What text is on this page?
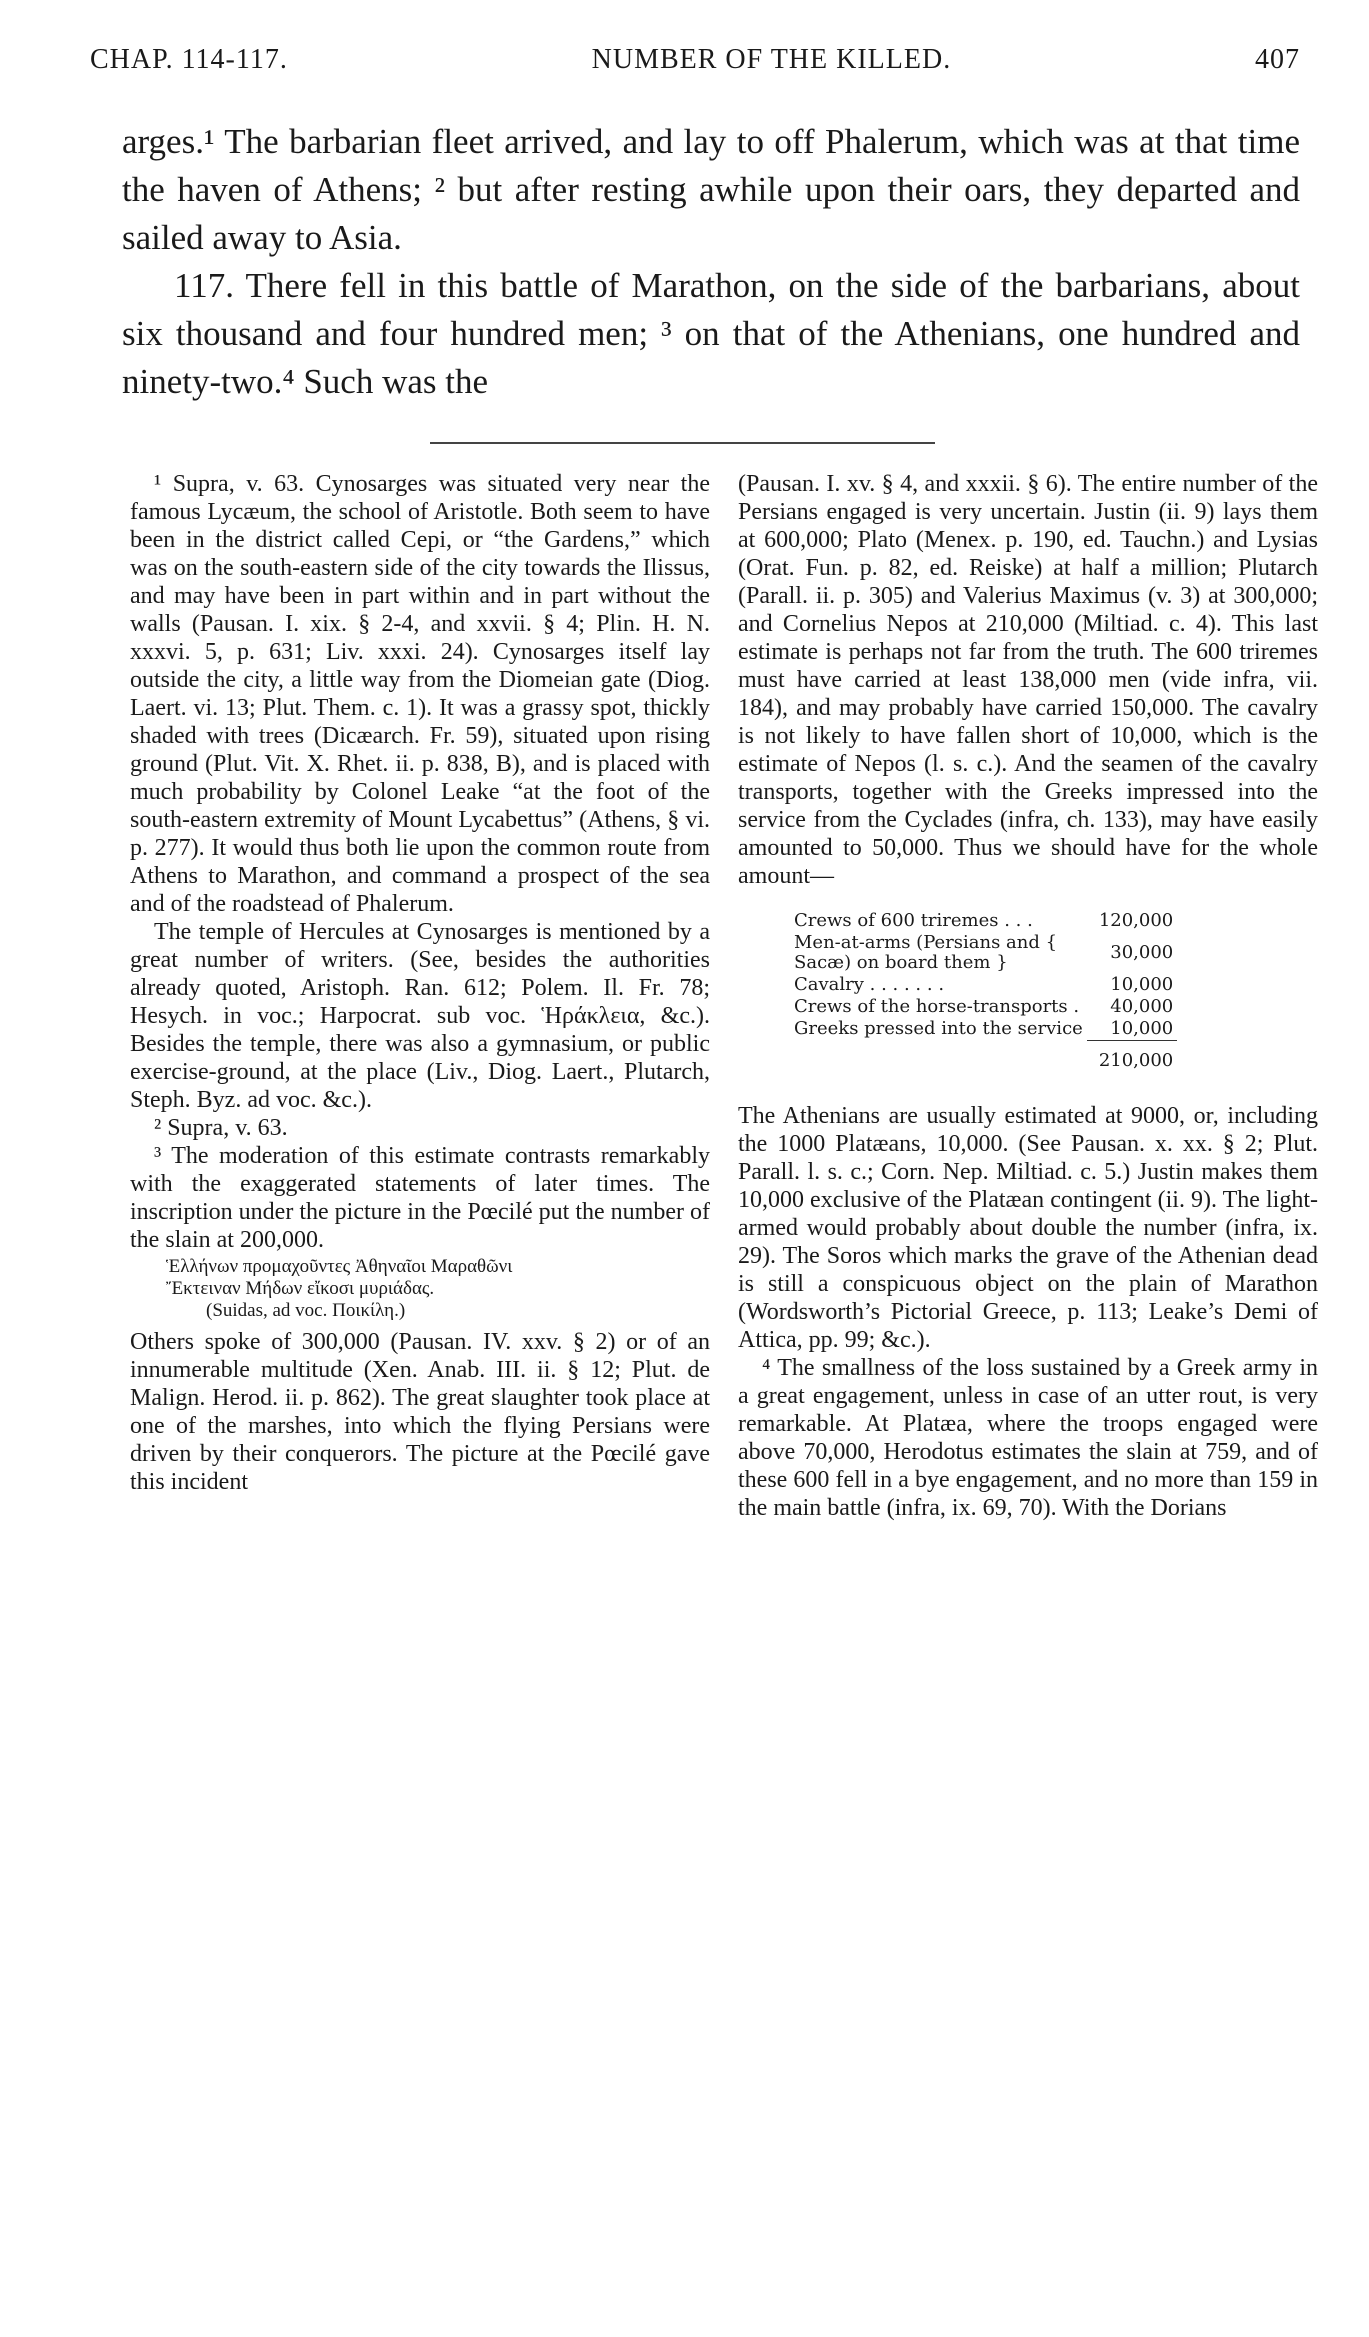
CHAP. 114-117.	NUMBER OF THE KILLED.	407

arges.¹ The barbarian fleet arrived, and lay to off Phalerum, which was at that time the haven of Athens; ² but after resting awhile upon their oars, they departed and sailed away to Asia.

117. There fell in this battle of Marathon, on the side of the barbarians, about six thousand and four hundred men; ³ on that of the Athenians, one hundred and ninety-two.⁴ Such was the

¹ Supra, v. 63. Cynosarges was situated very near the famous Lycæum, the school of Aristotle. Both seem to have been in the district called Cepi, or “the Gardens,” which was on the south-eastern side of the city towards the Ilissus, and may have been in part within and in part without the walls (Pausan. I. xix. § 2-4, and xxvii. § 4; Plin. H. N. xxxvi. 5, p. 631; Liv. xxxi. 24). Cynosarges itself lay outside the city, a little way from the Diomeian gate (Diog. Laert. vi. 13; Plut. Them. c. 1). It was a grassy spot, thickly shaded with trees (Dicæarch. Fr. 59), situated upon rising ground (Plut. Vit. X. Rhet. ii. p. 838, B), and is placed with much probability by Colonel Leake “at the foot of the south-eastern extremity of Mount Lycabettus” (Athens, § vi. p. 277). It would thus both lie upon the common route from Athens to Marathon, and command a prospect of the sea and of the roadstead of Phalerum.

The temple of Hercules at Cynosarges is mentioned by a great number of writers. (See, besides the authorities already quoted, Aristoph. Ran. 612; Polem. Il. Fr. 78; Hesych. in voc.; Harpocrat. sub voc. Ἡράκλεια, &c.). Besides the temple, there was also a gymnasium, or public exercise-ground, at the place (Liv., Diog. Laert., Plutarch, Steph. Byz. ad voc. &c.).

² Supra, v. 63.

³ The moderation of this estimate contrasts remarkably with the exaggerated statements of later times. The inscription under the picture in the Pœcilé put the number of the slain at 200,000.

Ἑλλήνων προμαχοῦντες Ἀθηναῖοι Μαραθῶνι
Ἔκτειναν Μήδων εἴκοσι μυριάδας.
(Suidas, ad voc. Ποικίλη.)

Others spoke of 300,000 (Pausan. IV. xxv. § 2) or of an innumerable multitude (Xen. Anab. III. ii. § 12; Plut. de Malign. Herod. ii. p. 862). The great slaughter took place at one of the marshes, into which the flying Persians were driven by their conquerors. The picture at the Pœcilé gave this incident

(Pausan. I. xv. § 4, and xxxii. § 6). The entire number of the Persians engaged is very uncertain. Justin (ii. 9) lays them at 600,000; Plato (Menex. p. 190, ed. Tauchn.) and Lysias (Orat. Fun. p. 82, ed. Reiske) at half a million; Plutarch (Parall. ii. p. 305) and Valerius Maximus (v. 3) at 300,000; and Cornelius Nepos at 210,000 (Miltiad. c. 4). This last estimate is perhaps not far from the truth. The 600 triremes must have carried at least 138,000 men (vide infra, vii. 184), and may probably have carried 150,000. The cavalry is not likely to have fallen short of 10,000, which is the estimate of Nepos (l. s. c.). And the seamen of the cavalry transports, together with the Greeks impressed into the service from the Cyclades (infra, ch. 133), may have easily amounted to 50,000. Thus we should have for the whole amount—

Crews of 600 triremes . . .	120,000
Men-at-arms (Persians and {
Sacæ) on board them }	30,000
Cavalry . . . . . . .	10,000
Crews of the horse-transports .	40,000
Greeks pressed into the service	10,000
	210,000

The Athenians are usually estimated at 9000, or, including the 1000 Platæans, 10,000. (See Pausan. x. xx. § 2; Plut. Parall. l. s. c.; Corn. Nep. Miltiad. c. 5.) Justin makes them 10,000 exclusive of the Platæan contingent (ii. 9). The light-armed would probably about double the number (infra, ix. 29). The Soros which marks the grave of the Athenian dead is still a conspicuous object on the plain of Marathon (Wordsworth’s Pictorial Greece, p. 113; Leake’s Demi of Attica, pp. 99; &c.).

⁴ The smallness of the loss sustained by a Greek army in a great engagement, unless in case of an utter rout, is very remarkable. At Platæa, where the troops engaged were above 70,000, Herodotus estimates the slain at 759, and of these 600 fell in a bye engagement, and no more than 159 in the main battle (infra, ix. 69, 70). With the Dorians
